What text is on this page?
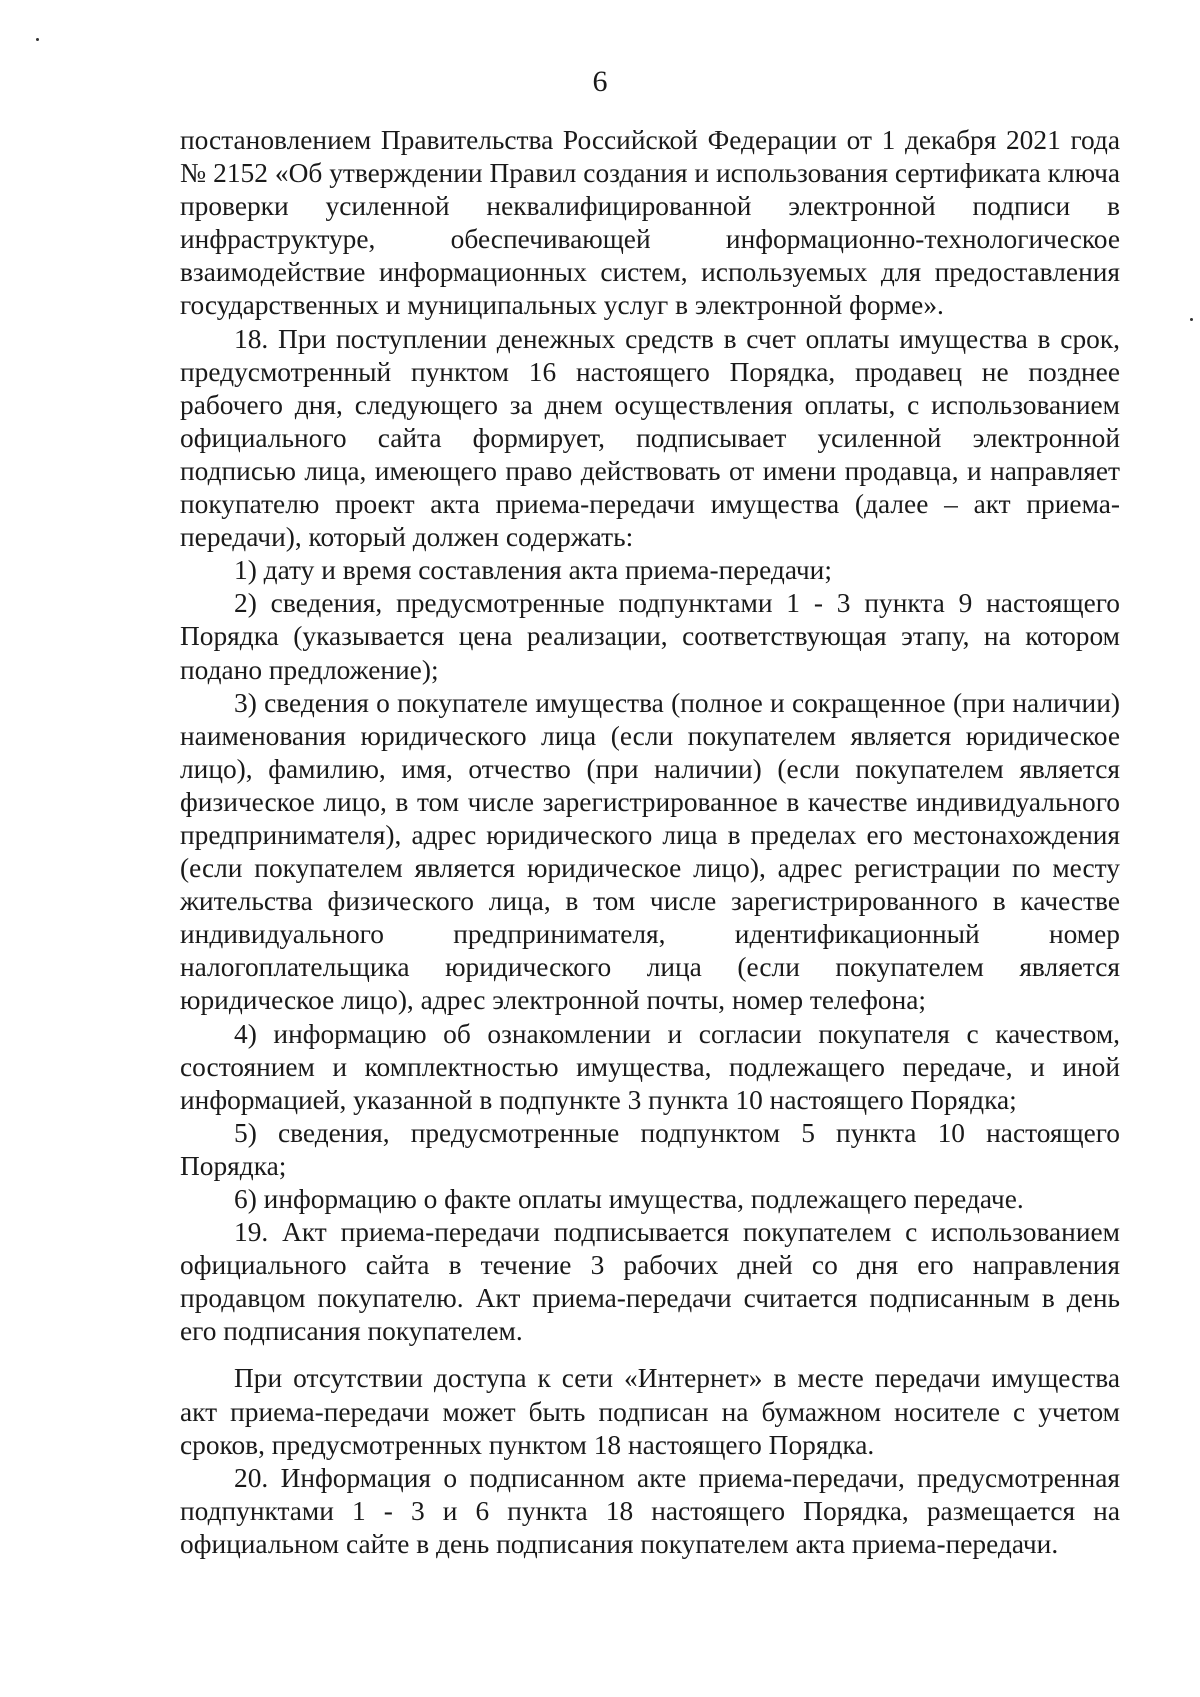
6

постановлением Правительства Российской Федерации от 1 декабря 2021 года № 2152 «Об утверждении Правил создания и использования сертификата ключа проверки усиленной неквалифицированной электронной подписи в инфраструктуре, обеспечивающей информационно-технологическое взаимодействие информационных систем, используемых для предоставления государственных и муниципальных услуг в электронной форме».

18. При поступлении денежных средств в счет оплаты имущества в срок, предусмотренный пунктом 16 настоящего Порядка, продавец не позднее рабочего дня, следующего за днем осуществления оплаты, с использованием официального сайта формирует, подписывает усиленной электронной подписью лица, имеющего право действовать от имени продавца, и направляет покупателю проект акта приема-передачи имущества (далее – акт приема-передачи), который должен содержать:

1) дату и время составления акта приема-передачи;

2) сведения, предусмотренные подпунктами 1 - 3 пункта 9 настоящего Порядка (указывается цена реализации, соответствующая этапу, на котором подано предложение);

3) сведения о покупателе имущества (полное и сокращенное (при наличии) наименования юридического лица (если покупателем является юридическое лицо), фамилию, имя, отчество (при наличии) (если покупателем является физическое лицо, в том числе зарегистрированное в качестве индивидуального предпринимателя), адрес юридического лица в пределах его местонахождения (если покупателем является юридическое лицо), адрес регистрации по месту жительства физического лица, в том числе зарегистрированного в качестве индивидуального предпринимателя, идентификационный номер налогоплательщика юридического лица (если покупателем является юридическое лицо), адрес электронной почты, номер телефона;

4) информацию об ознакомлении и согласии покупателя с качеством, состоянием и комплектностью имущества, подлежащего передаче, и иной информацией, указанной в подпункте 3 пункта 10 настоящего Порядка;

5) сведения, предусмотренные подпунктом 5 пункта 10 настоящего Порядка;

6) информацию о факте оплаты имущества, подлежащего передаче.

19. Акт приема-передачи подписывается покупателем с использованием официального сайта в течение 3 рабочих дней со дня его направления продавцом покупателю. Акт приема-передачи считается подписанным в день его подписания покупателем.

При отсутствии доступа к сети «Интернет» в месте передачи имущества акт приема-передачи может быть подписан на бумажном носителе с учетом сроков, предусмотренных пунктом 18 настоящего Порядка.

20. Информация о подписанном акте приема-передачи, предусмотренная подпунктами 1 - 3 и 6 пункта 18 настоящего Порядка, размещается на официальном сайте в день подписания покупателем акта приема-передачи.
